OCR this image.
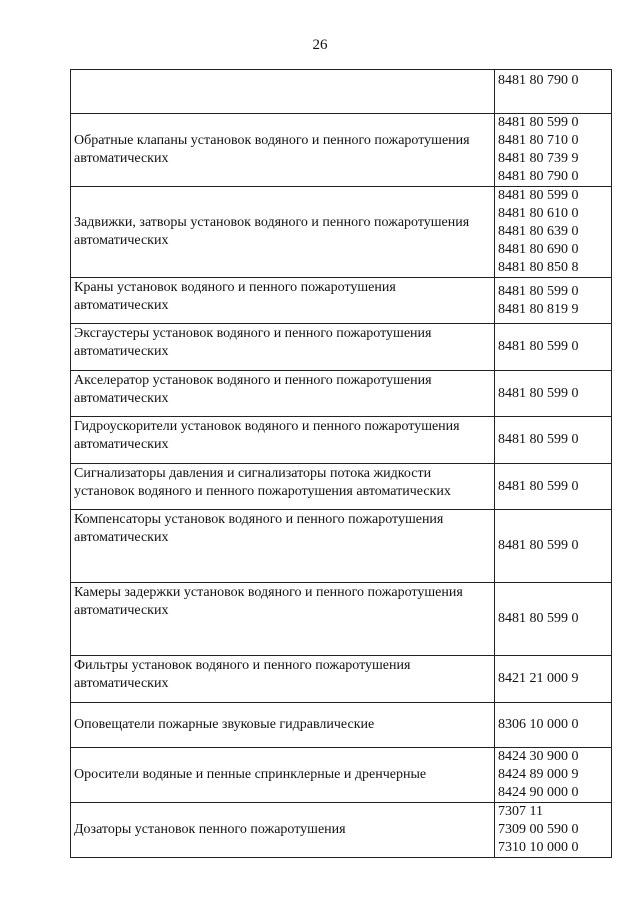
26

	8481 80 790 0

Обратные клапаны установок водяного и пенного пожаротушения автоматических	8481 80 599 0
8481 80 710 0
8481 80 739 9
8481 80 790 0

Задвижки, затворы установок водяного и пенного пожаротушения автоматических	8481 80 599 0
8481 80 610 0
8481 80 639 0
8481 80 690 0
8481 80 850 8

Краны установок водяного и пенного пожаротушения автоматических	8481 80 599 0
8481 80 819 9

Эксгаустеры установок водяного и пенного пожаротушения автоматических	8481 80 599 0

Акселератор установок водяного и пенного пожаротушения автоматических	8481 80 599 0

Гидроускорители установок водяного и пенного пожаротушения автоматических	8481 80 599 0

Сигнализаторы давления и сигнализаторы потока жидкости установок водяного и пенного пожаротушения автоматических	8481 80 599 0

Компенсаторы установок водяного и пенного пожаротушения автоматических	8481 80 599 0

Камеры задержки установок водяного и пенного пожаротушения автоматических	8481 80 599 0

Фильтры установок водяного и пенного пожаротушения автоматических	8421 21 000 9

Оповещатели пожарные звуковые гидравлические	8306 10 000 0

Оросители водяные и пенные спринклерные и дренчерные	8424 30 900 0
8424 89 000 9
8424 90 000 0

Дозаторы установок пенного пожаротушения	7307 11
7309 00 590 0
7310 10 000 0
